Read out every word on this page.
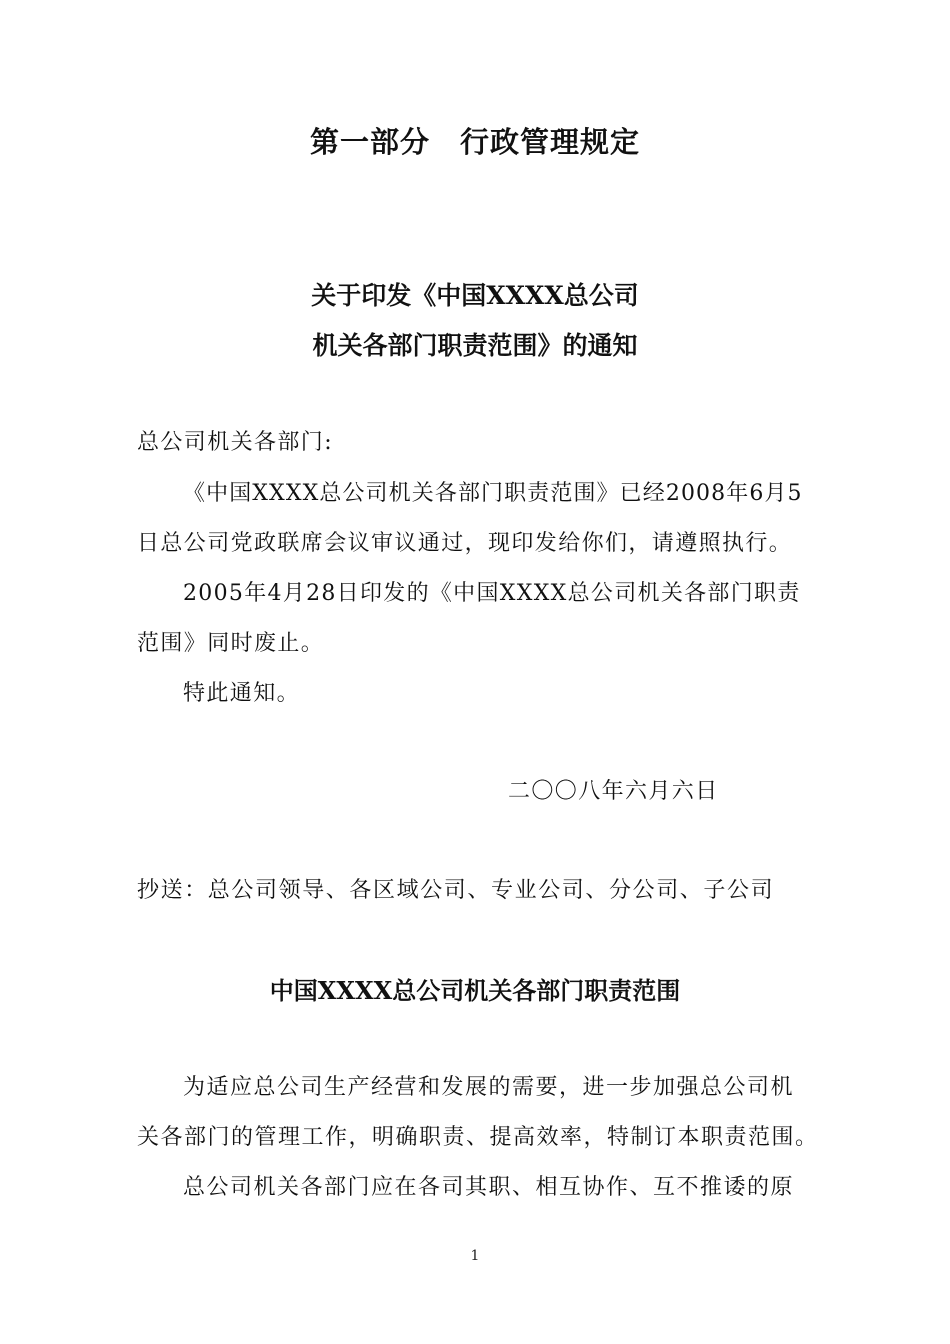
第一部分　行政管理规定
关于印发《中国XXXX总公司
机关各部门职责范围》的通知
总公司机关各部门:
《中国XXXX总公司机关各部门职责范围》已经2008年6月5
日总公司党政联席会议审议通过，现印发给你们，请遵照执行。
2005年4月28日印发的《中国XXXX总公司机关各部门职责
范围》同时废止。
特此通知。
二〇〇八年六月六日
抄送：总公司领导、各区域公司、专业公司、分公司、子公司
中国XXXX总公司机关各部门职责范围
为适应总公司生产经营和发展的需要，进一步加强总公司机
关各部门的管理工作，明确职责、提高效率，特制订本职责范围。
总公司机关各部门应在各司其职、相互协作、互不推诿的原
1
